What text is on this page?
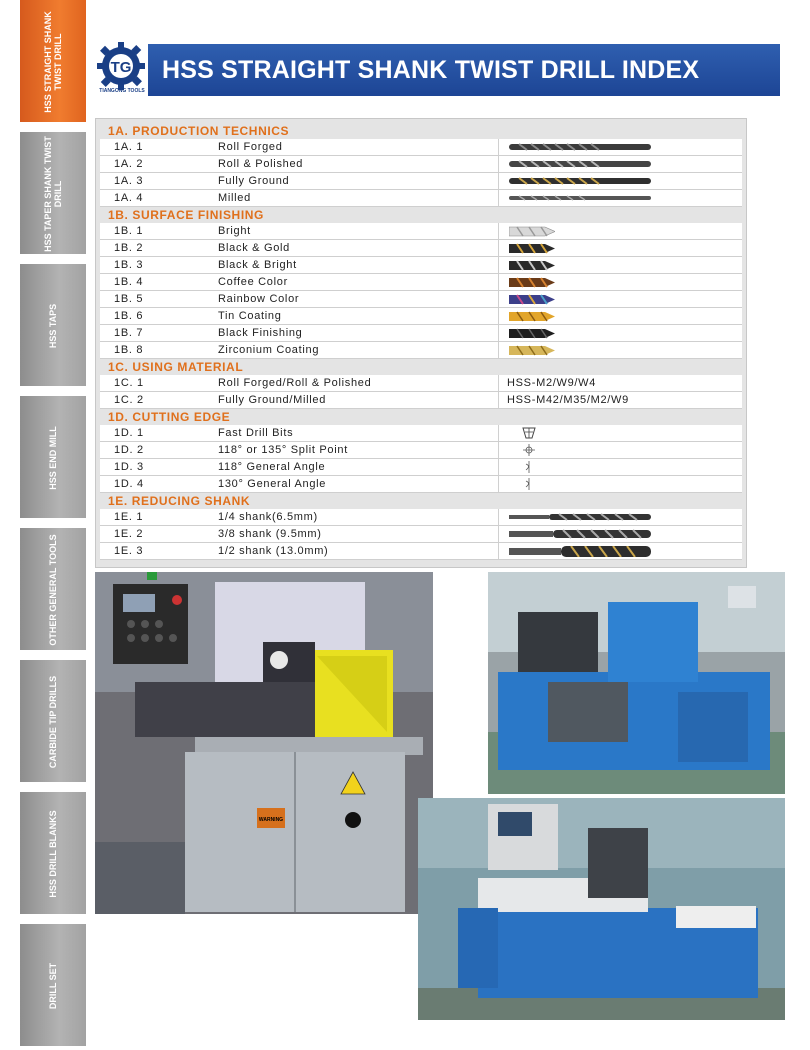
HSS STRAIGHT SHANK TWIST DRILL
HSS TAPER SHANK TWIST DRILL
HSS TAPS
HSS END MILL
OTHER GENERAL TOOLS
CARBIDE TIP DRILLS
HSS DRILL BLANKS
DRILL SET
TG
TIANGONG TOOLS
HSS STRAIGHT SHANK TWIST DRILL INDEX
1A. PRODUCTION TECHNICS
1A. 1	Roll Forged
1A. 2	Roll & Polished
1A. 3	Fully Ground
1A. 4	Milled
1B. SURFACE FINISHING
1B. 1	Bright
1B. 2	Black & Gold
1B. 3	Black & Bright
1B. 4	Coffee Color
1B. 5	Rainbow Color
1B. 6	Tin Coating
1B. 7	Black Finishing
1B. 8	Zirconium Coating
1C. USING MATERIAL
1C. 1	Roll Forged/Roll & Polished	HSS-M2/W9/W4
1C. 2	Fully Ground/Milled	HSS-M42/M35/M2/W9
1D. CUTTING EDGE
1D. 1	Fast Drill Bits
1D. 2	118° or 135° Split Point
1D. 3	118° General Angle
1D. 4	130° General Angle
1E. REDUCING SHANK
1E. 1	1/4 shank(6.5mm)
1E. 2	3/8 shank (9.5mm)
1E. 3	1/2 shank (13.0mm)
WARNING
